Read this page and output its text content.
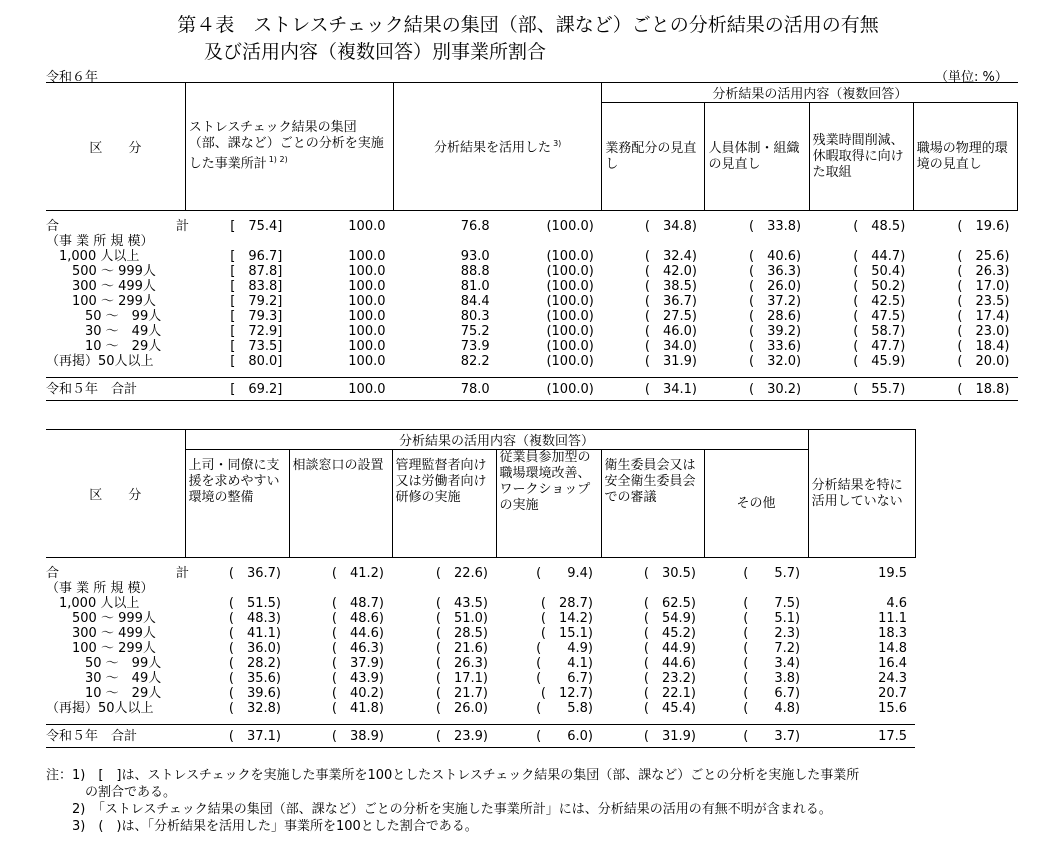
第４表　ストレスチェック結果の集団（部、課など）ごとの分析結果の活用の有無
及び活用内容（複数回答）別事業所割合
令和６年	（単位: %）
区　　分	ストレスチェック結果の集団（部、課など）ごとの分析を実施した事業所計 $^{1) 2)}$		分析結果を活用した $^{3)}$		分析結果の活用内容（複数回答）			

					業務配分の見直し	人員体制・組織の見直し	残業時間削減、休暇取得に向けた取組	職場の物理的環境の見直し

合　　　　　　　　　計	[　75.4]	100.0	76.8	(100.0)	(　34.8)	(　33.8)	(　48.5)	(　19.6)
（事 業 所 規 模）								
　1,000 人以上	[　96.7]	100.0	93.0	(100.0)	(　32.4)	(　40.6)	(　44.7)	(　25.6)
　　500 ～ 999人	[　87.8]	100.0	88.8	(100.0)	(　42.0)	(　36.3)	(　50.4)	(　26.3)
　　300 ～ 499人	[　83.8]	100.0	81.0	(100.0)	(　38.5)	(　26.0)	(　50.2)	(　17.0)
　　100 ～ 299人	[　79.2]	100.0	84.4	(100.0)	(　36.7)	(　37.2)	(　42.5)	(　23.5)
　　　50 ～　99人	[　79.3]	100.0	80.3	(100.0)	(　27.5)	(　28.6)	(　47.5)	(　17.4)
　　　30 ～　49人	[　72.9]	100.0	75.2	(100.0)	(　46.0)	(　39.2)	(　58.7)	(　23.0)
　　　10 ～　29人	[　73.5]	100.0	73.9	(100.0)	(　34.0)	(　33.6)	(　47.7)	(　18.4)
（再掲）50人以上	[　80.0]	100.0	82.2	(100.0)	(　31.9)	(　32.0)	(　45.9)	(　20.0)

令和５年　合計	[　69.2]	100.0	78.0	(100.0)	(　34.1)	(　30.2)	(　55.7)	(　18.8)
区　　分	分析結果の活用内容（複数回答）						分析結果を特に活用していない

	上司・同僚に支援を求めやすい環境の整備	相談窓口の設置	管理監督者向け又は労働者向け研修の実施	従業員参加型の職場環境改善、ワークショップの実施	衛生委員会又は安全衛生委員会での審議	その他	

合　　　　　　　　　計	(　36.7)	(　41.2)	(　22.6)	(　　9.4)	(　30.5)	(　　5.7)	19.5
（事 業 所 規 模）							
　1,000 人以上	(　51.5)	(　48.7)	(　43.5)	(　28.7)	(　62.5)	(　　7.5)	4.6
　　500 ～ 999人	(　48.3)	(　48.6)	(　51.0)	(　14.2)	(　54.9)	(　　5.1)	11.1
　　300 ～ 499人	(　41.1)	(　44.6)	(　28.5)	(　15.1)	(　45.2)	(　　2.3)	18.3
　　100 ～ 299人	(　36.0)	(　46.3)	(　21.6)	(　　4.9)	(　44.9)	(　　7.2)	14.8
　　　50 ～　99人	(　28.2)	(　37.9)	(　26.3)	(　　4.1)	(　44.6)	(　　3.4)	16.4
　　　30 ～　49人	(　35.6)	(　43.9)	(　17.1)	(　　6.7)	(　23.2)	(　　3.8)	24.3
　　　10 ～　29人	(　39.6)	(　40.2)	(　21.7)	(　12.7)	(　22.1)	(　　6.7)	20.7
（再掲）50人以上	(　32.8)	(　41.8)	(　26.0)	(　　5.8)	(　45.4)	(　　4.8)	15.6

令和５年　合計	(　37.1)	(　38.9)	(　23.9)	(　　6.0)	(　31.9)	(　　3.7)	17.5
注：1)　[　]は、ストレスチェックを実施した事業所を100としたストレスチェック結果の集団（部、課など）ごとの分析を実施した事業所
　　　の割合である。
　　2)　「ストレスチェック結果の集団（部、課など）ごとの分析を実施した事業所計」には、分析結果の活用の有無不明が含まれる。
　　3)　(　)は、「分析結果を活用した」事業所を100とした割合である。
